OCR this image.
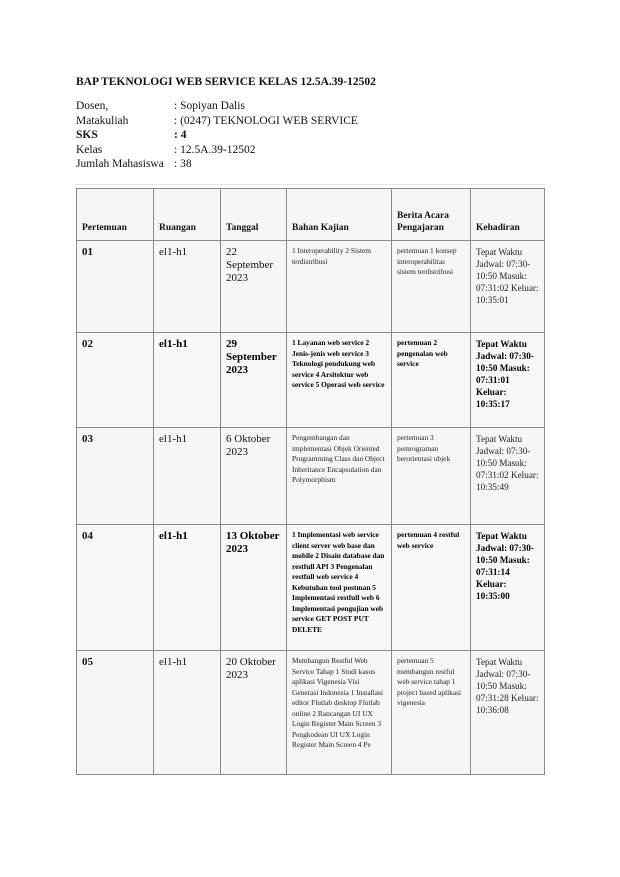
BAP TEKNOLOGI WEB SERVICE KELAS 12.5A.39-12502
Dosen,	: Sopiyan Dalis
Matakuliah	: (0247) TEKNOLOGI WEB SERVICE
SKS	: 4
Kelas	: 12.5A.39-12502
Jumlah Mahasiswa : 38
Pertemuan	Ruangan	Tanggal	Bahan Kajian	Berita Acara Pengajaran	Kehadiran

01	el1-h1	22 September 2023	1 Interoperability 2 Sistem terdistribusi	pertemuan 1 konsep interoperabilitas sistem terdistribusi	Tepat Waktu Jadwal: 07:30-10:50 Masuk: 07:31:02 Keluar: 10:35:01

02	el1-h1	29 September 2023	1 Layanan web service 2 Jenis-jenis web service 3 Teknologi pendukung web service 4 Arsitektur web service 5 Operasi web service	pertemuan 2 pengenalan web service	Tepat Waktu Jadwal: 07:30-10:50 Masuk: 07:31:01 Keluar: 10:35:17

03	el1-h1	6 Oktober 2023	Pengembangan dan implementasi Objek Oriented Programming Class dan Object Inheritance Encapsulation dan Polymorphism	pertemuan 3 pemrograman berorientasi objek	Tepat Waktu Jadwal: 07:30-10:50 Masuk: 07:31:02 Keluar: 10:35:49

04	el1-h1	13 Oktober 2023	1 Implementasi web service client server web base dan mobile 2 Disain database dan restfull API 3 Pengenalan restfull web service 4 Kebutuhan tool postman 5 Implementasi restfull web 6 Implementasi pengujian web service GET POST PUT DELETE	pertemuan 4 restful web service	Tepat Waktu Jadwal: 07:30-10:50 Masuk: 07:31:14 Keluar: 10:35:00

05	el1-h1	20 Oktober 2023	Membangun Restful Web Service Tahap 1 Studi kasus aplikasi Vigenesia Visi Generasi Indonesia 1 Installasi editor Flutlab desktop Flutlab online 2 Rancangan UI UX Login Register Main Screen 3 Pengkodean UI UX Login Register Main Screen 4 Pe	pertemuan 5 membangun restful web service tahap 1 project based aplikasi vigenesia	Tepat Waktu Jadwal: 07:30-10:50 Masuk: 07:31:28 Keluar: 10:36:08
